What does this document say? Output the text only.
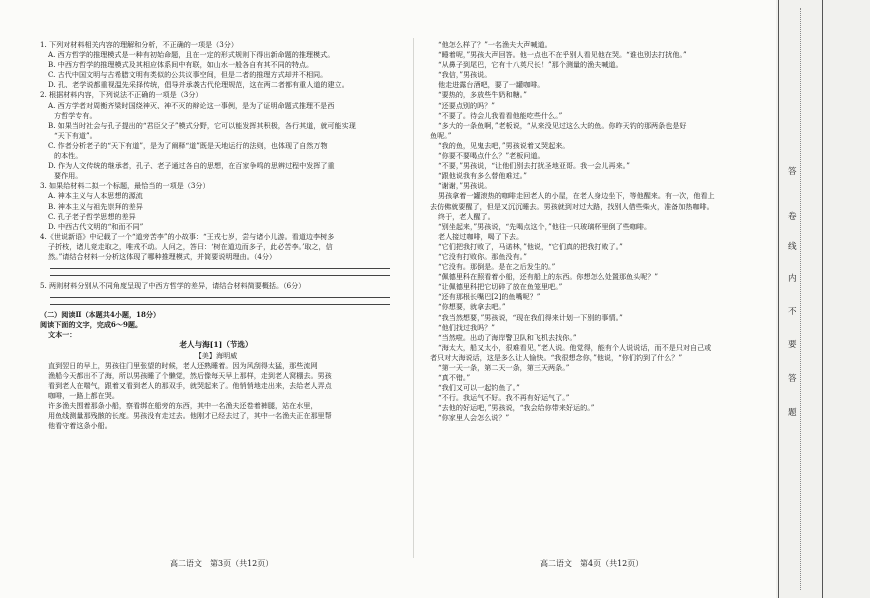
1. 下列对材料相关内容的理解和分析，不正确的一项是（3分）
A. 西方哲学的推理模式是一种有初始命题，且在一定的形式规则下得出新命题的推理模式。
B. 中西方哲学的推理模式及其相应体系间中有联，如山水一般各自有其不同的特点。
C. 古代中国文明与古希腊文明有类似的公共议事空间，但是二者的推理方式却并不相同。
D. 孔、老学说都重视温先采择传统，倡导并承袭古代伦理规范，这在两二者都有重人道的建立。
2. 根据材料内容，下列说法不正确的一项是（3分）
A. 西方学者对周衡齐梁时国绕神灭、神不灭的辩论这一事例，是为了证明命题式推理不是西
方哲学专有。
B. 如果当时社会与孔子提出的“君臣父子”模式分野，它可以能发挥其积极，各行其道，就可能实现
“天下有道”。
C. 作者分析老子的“天下有道”，是为了阐释“道”既是天地运行的法则，也体现了自然万物
的本性。
D. 作为人文传统的继承者，孔子、老子通过各自的思想，在百家争鸣的思辨过程中发挥了重
要作用。
3. 如果给材料二拟一个标题，最恰当的一项是（3分）
A. 神本主义与人本思想的源流
B. 神本主义与祖先崇拜的差异
C. 孔子老子哲学思想的差异
D. 中西古代文明的“和而不同”
4.《世说新语》中记载了一个“道旁苦李”的小故事：“王戎七岁，尝与诸小儿游。看道边李树多
子折枝，诸儿竞走取之，唯戎不动。人问之，答曰：‘树在道边而多子，此必苦李。’取之，信
然。”请结合材料一分析这体现了哪种推理模式，并简要说明理由。（4分）
5. 两则材料分别从不同角度呈现了中西方哲学的差异，请结合材料简要概括。（6分）
（二）阅读Ⅱ（本题共4小题，18分）
阅读下面的文字，完成6～9题。
文本一：
老人与海[1]（节选）
【美】海明威
直到翌日的早上，男孩往门里张望的时候，老人还熟睡着。因为风刮得太猛，那些流网
渔船今天都出不了海，所以男孩睡了个懒觉，然后像每天早上那样，走到老人窝棚去。男孩
看到老人在喘气，跟着又看到老人的那双手，就哭起来了。他悄悄地走出来，去给老人弄点
咖啡，一路上都在哭。
许多渔夫围着那条小船，察看绑在船旁的东西，其中一名渔夫还卷着裤腿，站在水里，
用鱼线测量那残骸的长度。男孩没有走过去。他刚才已经去过了，其中一名渔夫正在那里帮
他看守着这条小船。
“他怎么样了？”一名渔夫大声喊道。
“睡着呢，”男孩大声回答。他一点也不在乎别人看见他在哭。“谁也别去打扰他。”
“从鼻子到尾巴，它有十八英尺长！”那个测量的渔夫喊道。
“我信，”男孩说。
他走进露台酒吧，要了一罐咖啡。
“要热的，多放些牛奶和糖。”
“还要点别的吗？”
“不要了。待会儿我看看他能吃些什么。”
“多大的一条鱼啊，”老板说，“从来没见过这么大的鱼。你昨天钓的那两条也是好
鱼呢。”
“我的鱼，见鬼去吧，”男孩说着又哭起来。
“你要不要喝点什么？”老板问道。
“不要，”男孩说，“让他们别去打扰圣地亚哥。我一会儿再来。”
“跟他说我有多么替他难过。”
“谢谢，”男孩说。
男孩拿着一罐滚热的咖啡走回老人的小屋，在老人身边坐下，等他醒来。有一次，他看上
去仿佛就要醒了，但是又沉沉睡去。男孩就到对过大路，找别人借些柴火，准备加热咖啡。
终于，老人醒了。
“别坐起来，”男孩说，“先喝点这个，”他往一只玻璃杯里倒了些咖啡。
老人接过咖啡，喝了下去。
“它们把我打败了，马诺林，”他说，“它们真的把我打败了。”
“它没有打败你。那鱼没有。”
“它没有。那倒是。是在之后发生的。”
“佩德里科在照看着小船，还有船上的东西。你想怎么处置那鱼头呢？”
“让佩德里科把它切碎了放在鱼笼里吧。”
“还有那根长嘴巴[2]的鱼嘴呢？”
“你想要，就拿去吧。”
“我当然想要，”男孩说，“现在我们得来计划一下别的事情。”
“他们找过我吗？”
“当然啦。出动了海岸警卫队和飞机去找你。”
“海太大，船又太小，很难看见，”老人说。他觉得，能有个人说说话，而不是只对自己或
者只对大海说话，这是多么让人愉快。“我很想念你，”他说，“你们钓到了什么？”
“第一天一条，第二天一条，第三天两条。”
“真不错。”
“我们又可以一起钓鱼了。”
“不行。我运气不好。我不再有好运气了。”
“去他的好运吧，”男孩说，“我会给你带来好运的。”
“你家里人会怎么说？”
高二语文　第3页（共12页）	高二语文　第4页（共12页）
答
卷
线
内
不
要
答
题
